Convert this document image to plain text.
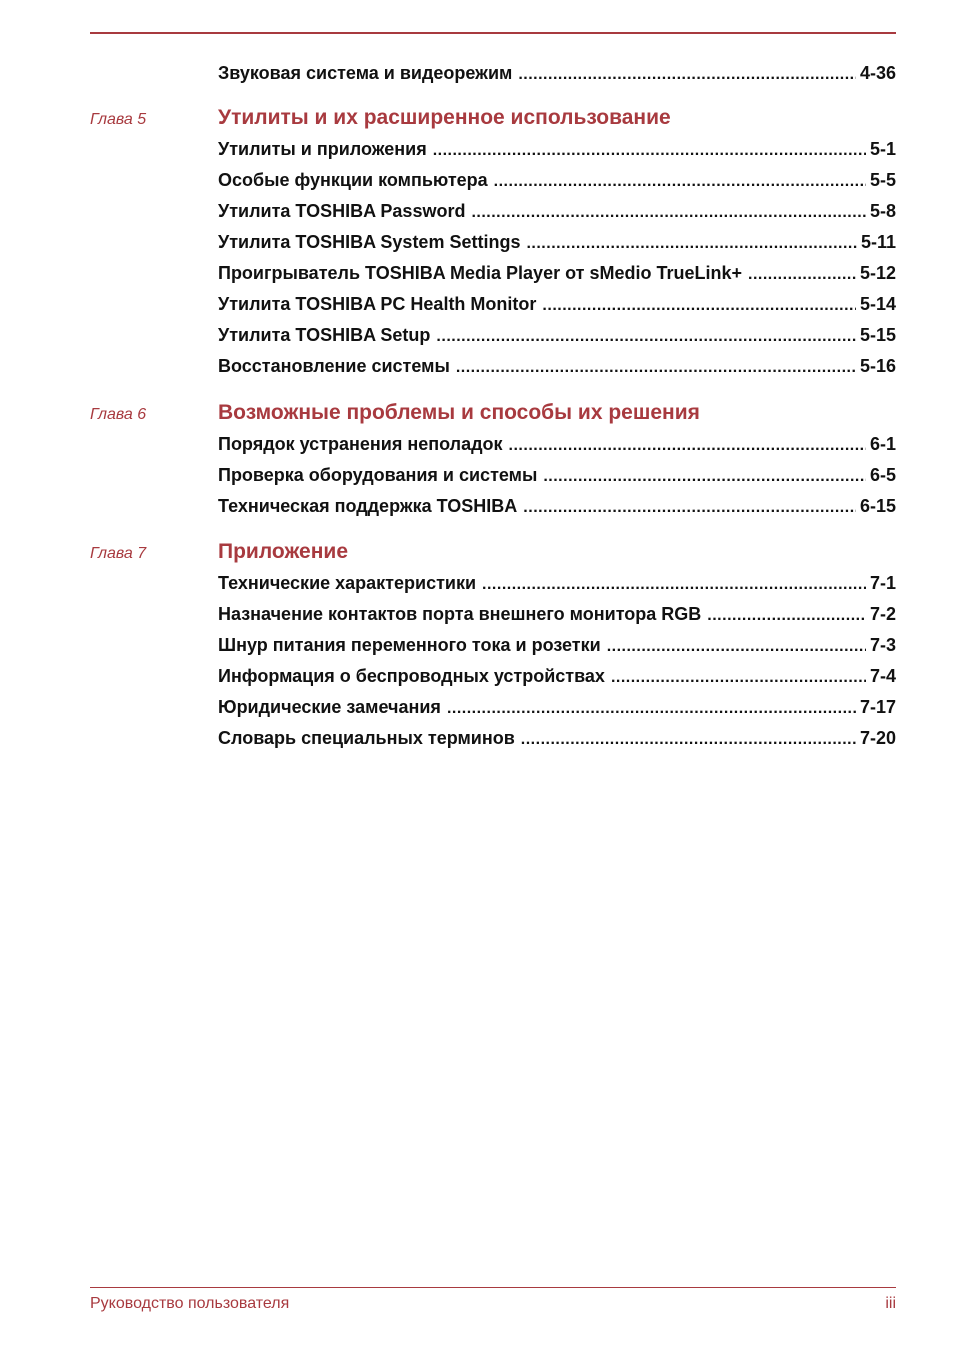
Звуковая система и видеорежим .....	4-36
Глава 5	Утилиты и их расширенное использование
Утилиты и приложения .....	5-1
Особые функции компьютера .....	5-5
Утилита TOSHIBA Password .....	5-8
Утилита TOSHIBA System Settings .....	5-11
Проигрыватель TOSHIBA Media Player от sMedio TrueLink+ .....	5-12
Утилита TOSHIBA PC Health Monitor .....	5-14
Утилита TOSHIBA Setup .....	5-15
Восстановление системы .....	5-16
Глава 6	Возможные проблемы и способы их решения
Порядок устранения неполадок .....	6-1
Проверка оборудования и системы .....	6-5
Техническая поддержка TOSHIBA .....	6-15
Глава 7	Приложение
Технические характеристики .....	7-1
Назначение контактов порта внешнего монитора RGB .....	7-2
Шнур питания переменного тока и розетки .....	7-3
Информация о беспроводных устройствах .....	7-4
Юридические замечания .....	7-17
Словарь специальных терминов .....	7-20
Руководство пользователя	iii
